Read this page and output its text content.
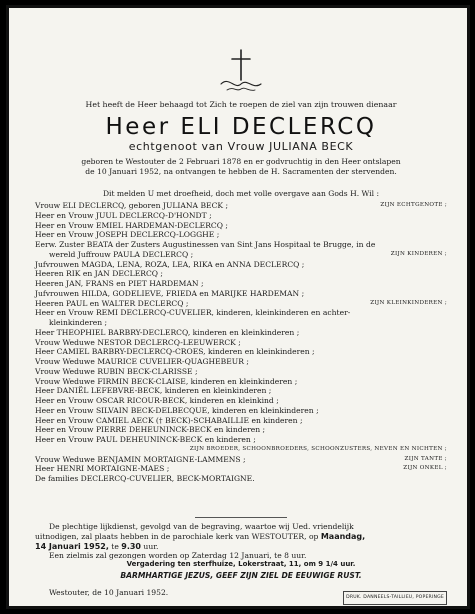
Het heeft de Heer behaagd tot Zich te roepen de ziel van zijn trouwen dienaar
Heer ELI DECLERCQ
echtgenoot van Vrouw JULIANA BECK
geboren te Westouter de 2 Februari 1878 en er godvruchtig in den Heer ontslapen
de 10 Januari 1952, na ontvangen te hebben de H. Sacramenten der stervenden.
Dit melden U met droefheid, doch met volle overgave aan Gods H. Wil :
Vrouw ELI DECLERCQ, geboren JULIANA BECK ;	ZIJN ECHTGENOTE ;
Heer en Vrouw JUUL DECLERCQ-D'HONDT ;
Heer en Vrouw EMIEL HARDEMAN-DECLERCQ ;
Heer en Vrouw JOSEPH DECLERCQ-LOGGHE ;
Eerw. Zuster BEATA der Zusters Augustinessen van Sint Jans Hospitaal te Brugge, in de
wereld Juffrouw PAULA DECLERCQ ;	ZIJN KINDEREN ;
Jufvrouwen MAGDA, LENA, ROZA, LEA, RIKA en ANNA DECLERCQ ;
Heeren RIK en JAN DECLERCQ ;
Heeren JAN, FRANS en PIET HARDEMAN ;
Jufvrouwen HILDA, GODELIEVE, FRIEDA en MARIJKE HARDEMAN ;
Heeren PAUL en WALTER DECLERCQ ;	ZIJN KLEINKINDEREN ;
Heer en Vrouw REMI DECLERCQ-CUVELIER, kinderen, kleinkinderen en achter-
kleinkinderen ;
Heer THEOPHIEL BARBRY-DECLERCQ, kinderen en kleinkinderen ;
Vrouw Weduwe NESTOR DECLERCQ-LEEUWERCK ;
Heer CAMIEL BARBRY-DECLERCQ-CROES, kinderen en kleinkinderen ;
Vrouw Weduwe MAURICE CUVELIER-QUAGHEBEUR ;
Vrouw Weduwe RUBIN BECK-CLARISSE ;
Vrouw Weduwe FIRMIN BECK-CLAISE, kinderen en kleinkinderen ;
Heer DANIËL LEFEBVRE-BECK, kinderen en kleinkinderen ;
Heer en Vrouw OSCAR RICOUR-BECK, kinderen en kleinkind ;
Heer en Vrouw SILVAIN BECK-DELBECQUE, kinderen en kleinkinderen ;
Heer en Vrouw CAMIEL AECK († BECK)-SCHABAILLIE en kinderen ;
Heer en Vrouw PIERRE DEHEUNINCK-BECK en kinderen ;
Heer en Vrouw PAUL DEHEUNINCK-BECK en kinderen ;
ZIJN BROEDER, SCHOONBROEDERS, SCHOONZUSTERS, NEVEN EN NICHTEN ;
Vrouw Weduwe BENJAMIN MORTAIGNE-LAMMENS ;	ZIJN TANTE ;
Heer HENRI MORTAIGNE-MAES ;	ZIJN ONKEL ;
De families DECLERCQ-CUVELIER, BECK-MORTAIGNE.
De plechtige lijkdienst, gevolgd van de begraving, waartoe wij Ued. vriendelijk
uitnodigen, zal plaats hebben in de parochiale kerk van WESTOUTER, op Maandag,
14 Januari 1952, te 9.30 uur.
Een zielmis zal gezongen worden op Zaterdag 12 Januari, te 8 uur.
Vergadering ten sterfhuize, Lokerstraat, 11, om 9 1/4 uur.
BARMHARTIGE JEZUS, GEEF ZIJN ZIEL DE EEUWIGE RUST.
Westouter, de 10 Januari 1952.
DRUK. DANNEELS-TAILLIEU, POPERINGE
